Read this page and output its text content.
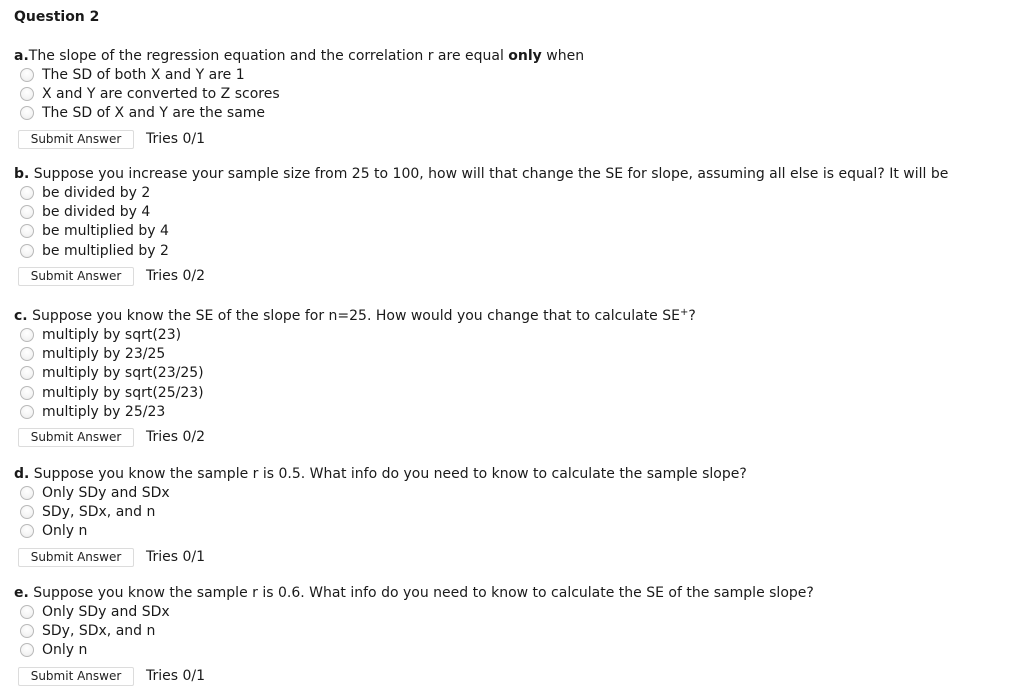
Question 2
a.The slope of the regression equation and the correlation r are equal only when
The SD of both X and Y are 1
X and Y are converted to Z scores
The SD of X and Y are the same
Submit Answer	Tries 0/1
b. Suppose you increase your sample size from 25 to 100, how will that change the SE for slope, assuming all else is equal? It will be
be divided by 2
be divided by 4
be multiplied by 4
be multiplied by 2
Submit Answer	Tries 0/2
c. Suppose you know the SE of the slope for n=25. How would you change that to calculate SE+?
multiply by sqrt(23)
multiply by 23/25
multiply by sqrt(23/25)
multiply by sqrt(25/23)
multiply by 25/23
Submit Answer	Tries 0/2
d. Suppose you know the sample r is 0.5. What info do you need to know to calculate the sample slope?
Only SDy and SDx
SDy, SDx, and n
Only n
Submit Answer	Tries 0/1
e. Suppose you know the sample r is 0.6. What info do you need to know to calculate the SE of the sample slope?
Only SDy and SDx
SDy, SDx, and n
Only n
Submit Answer	Tries 0/1
